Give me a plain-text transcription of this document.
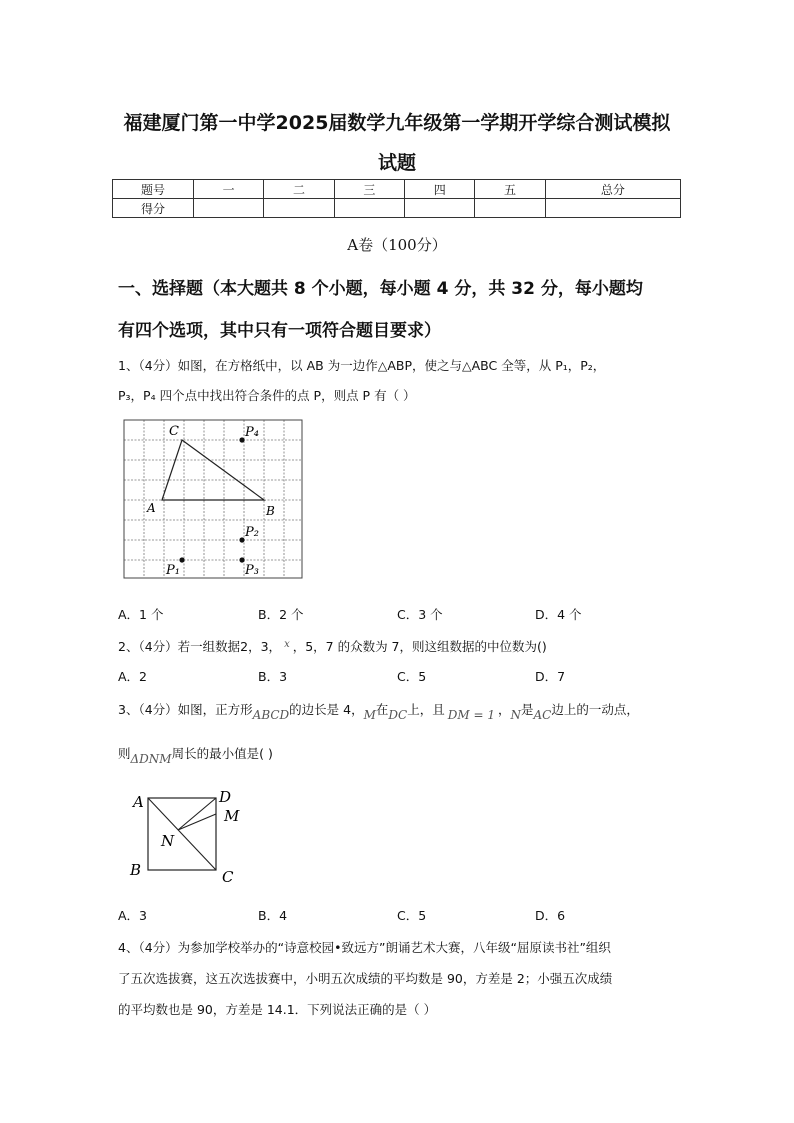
福建厦门第一中学2025届数学九年级第一学期开学综合测试模拟
试题
题号	一	二	三	四	五	总分
得分						
A卷（100分）
一、选择题（本大题共 8 个小题，每小题 4 分，共 32 分，每小题均
有四个选项，其中只有一项符合题目要求）
1、（4分）如图，在方格纸中，以 AB 为一边作△ABP，使之与△ABC 全等，从 P₁，P₂，
P₃，P₄ 四个点中找出符合条件的点 P，则点 P 有（ ）
C	P₄
A	B
P₂
P₁	P₃
A．1 个	B．2 个	C．3 个	D．4 个
2、（4分）若一组数据2，3， $^x$ ，5，7 的众数为 7，则这组数据的中位数为()
A．2	B．3	C．5	D．7
3、（4分）如图，正方形ABCD的边长是 4，M在DC上，且 DM = 1 ，N是AC边上的一动点，
则ΔDNM周长的最小值是( )
A	D
M
N
B	C
A．3	B．4	C．5	D．6
4、（4分）为参加学校举办的“诗意校园•致远方”朗诵艺术大赛，八年级“屈原读书社”组织
了五次选拔赛，这五次选拔赛中，小明五次成绩的平均数是 90，方差是 2；小强五次成绩
的平均数也是 90，方差是 14.1．下列说法正确的是（ ）
